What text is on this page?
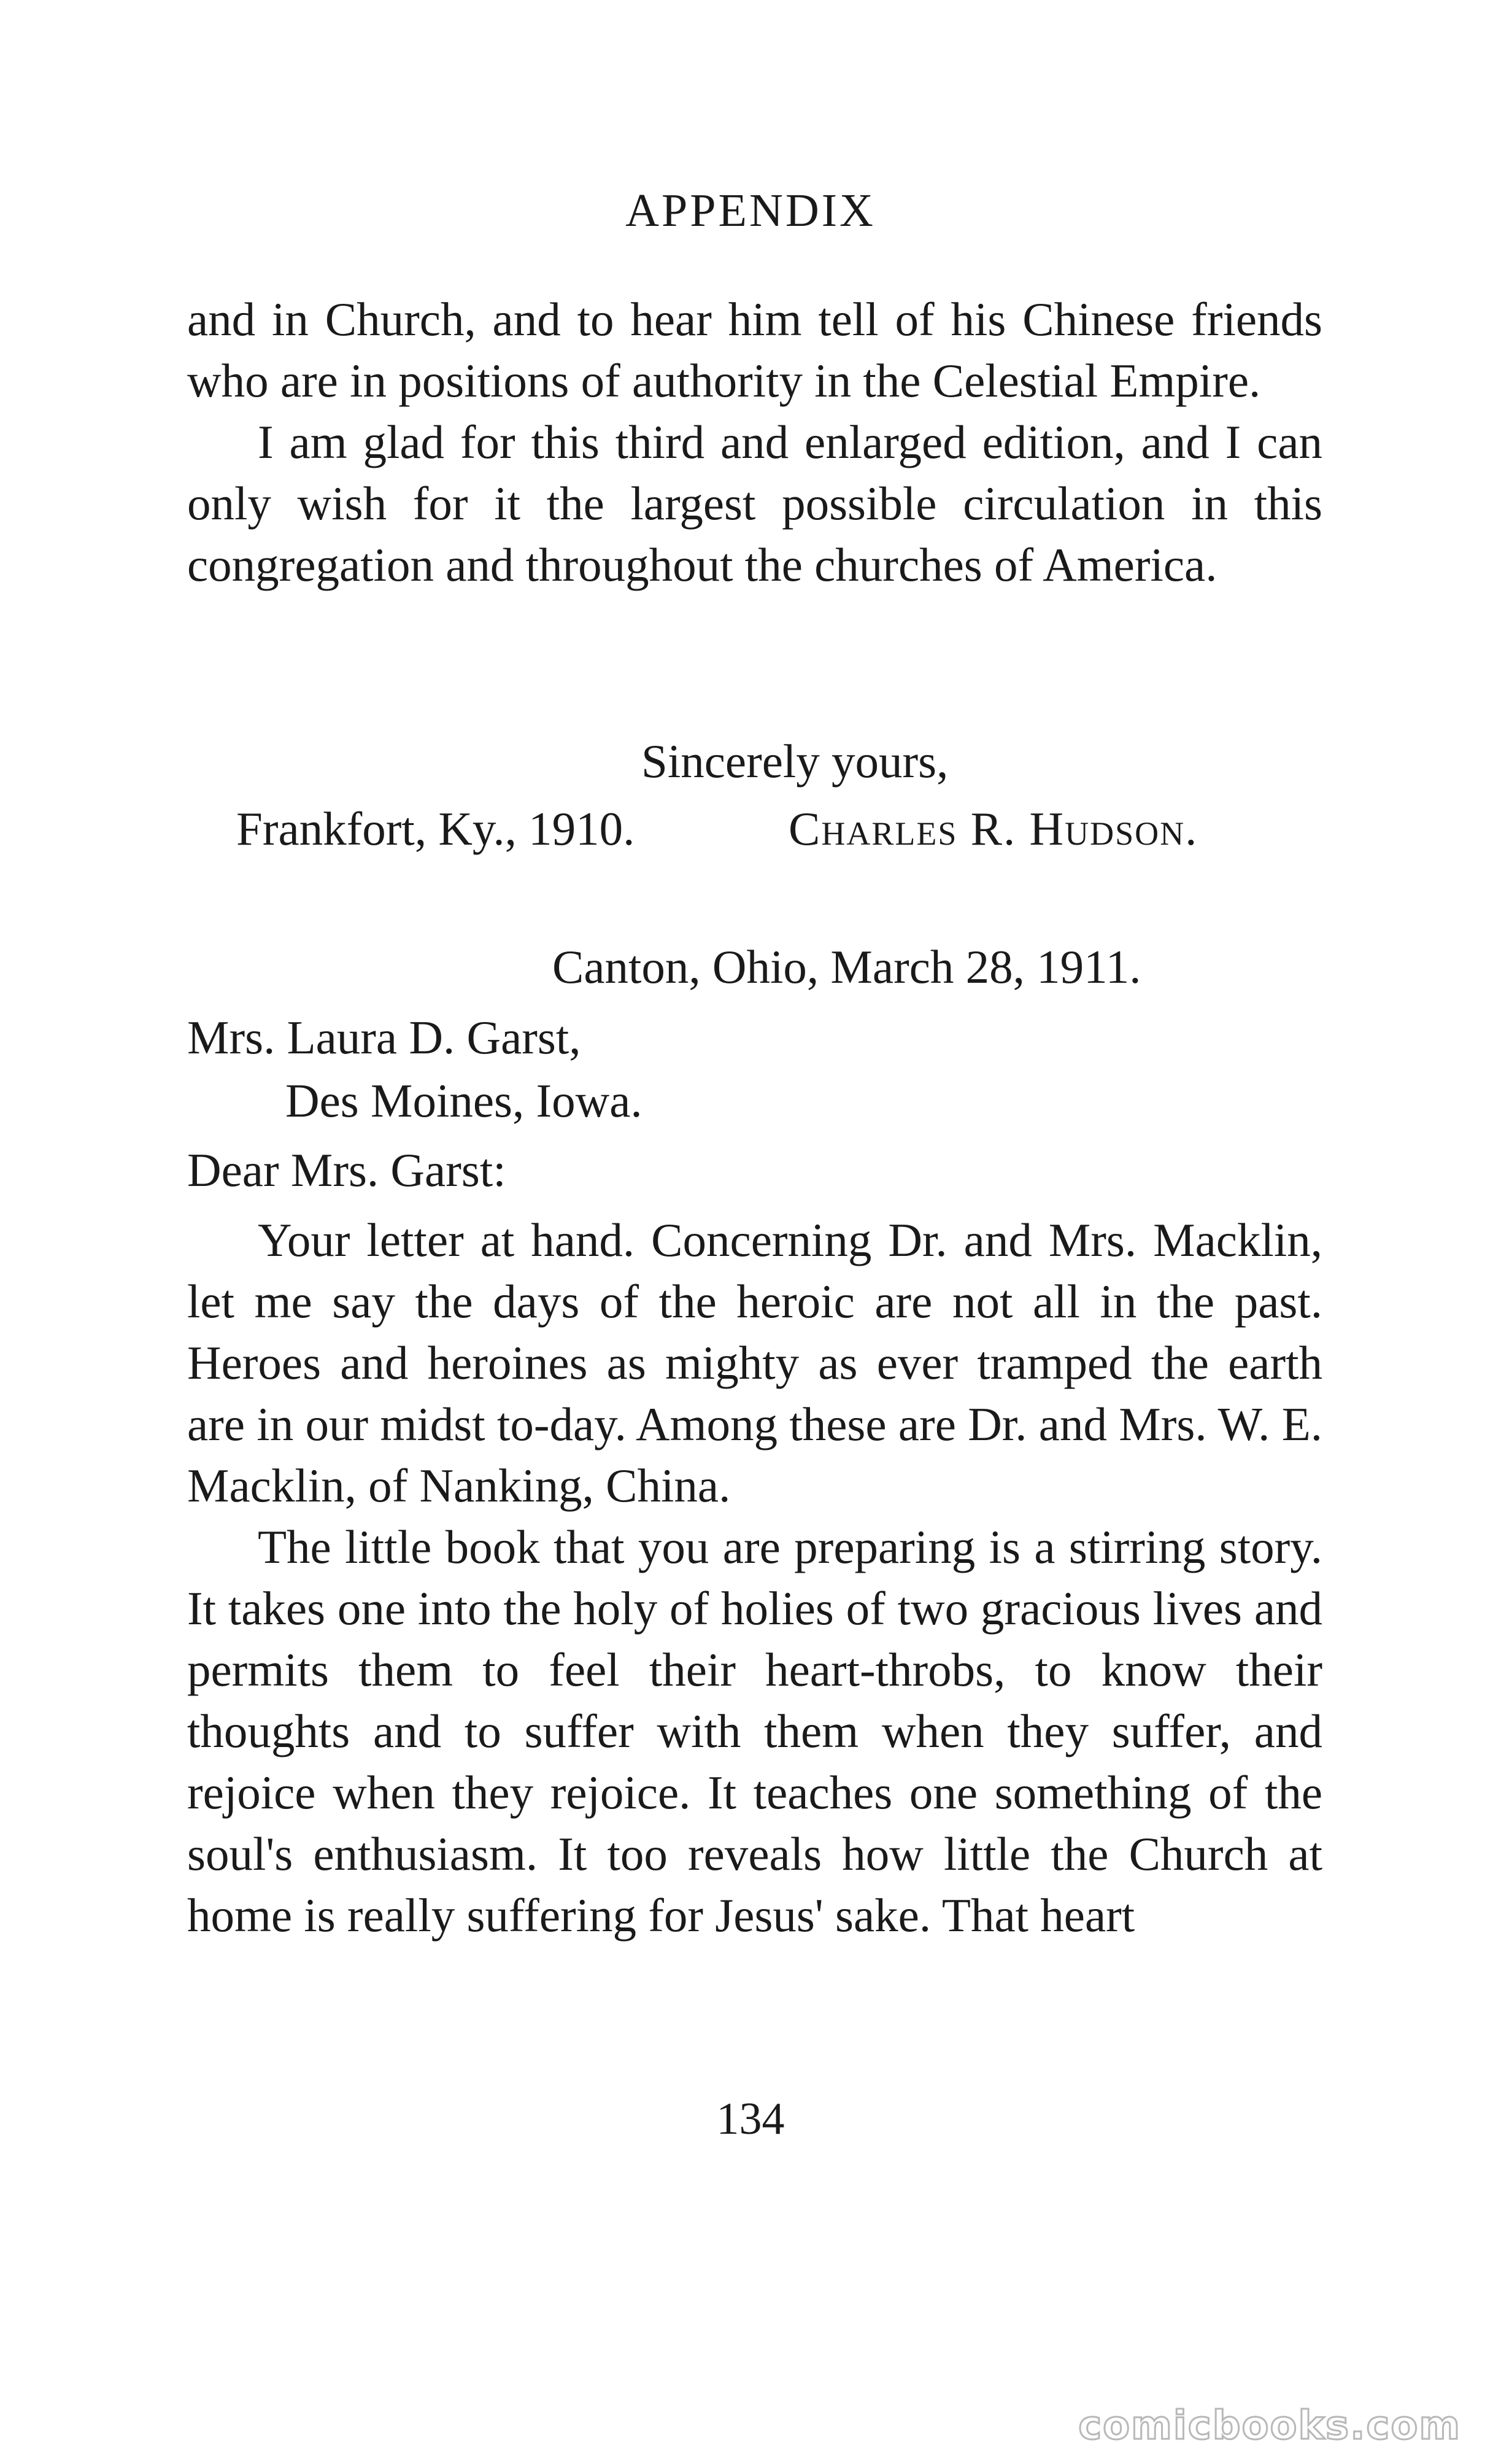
APPENDIX

and in Church, and to hear him tell of his Chinese friends who are in positions of authority in the Celestial Empire.

I am glad for this third and enlarged edition, and I can only wish for it the largest possible circulation in this congregation and throughout the churches of America.

Sincerely yours,
Frankfort, Ky., 1910.	Charles R. Hudson.
Canton, Ohio, March 28, 1911.
Mrs. Laura D. Garst,
Des Moines, Iowa.
Dear Mrs. Garst:

Your letter at hand. Concerning Dr. and Mrs. Macklin, let me say the days of the heroic are not all in the past. Heroes and heroines as mighty as ever tramped the earth are in our midst to-day. Among these are Dr. and Mrs. W. E. Macklin, of Nanking, China.

The little book that you are preparing is a stirring story. It takes one into the holy of holies of two gracious lives and permits them to feel their heart-throbs, to know their thoughts and to suffer with them when they suffer, and rejoice when they rejoice. It teaches one something of the soul's enthusiasm. It too reveals how little the Church at home is really suffering for Jesus' sake. That heart

134
comicbooks.com
